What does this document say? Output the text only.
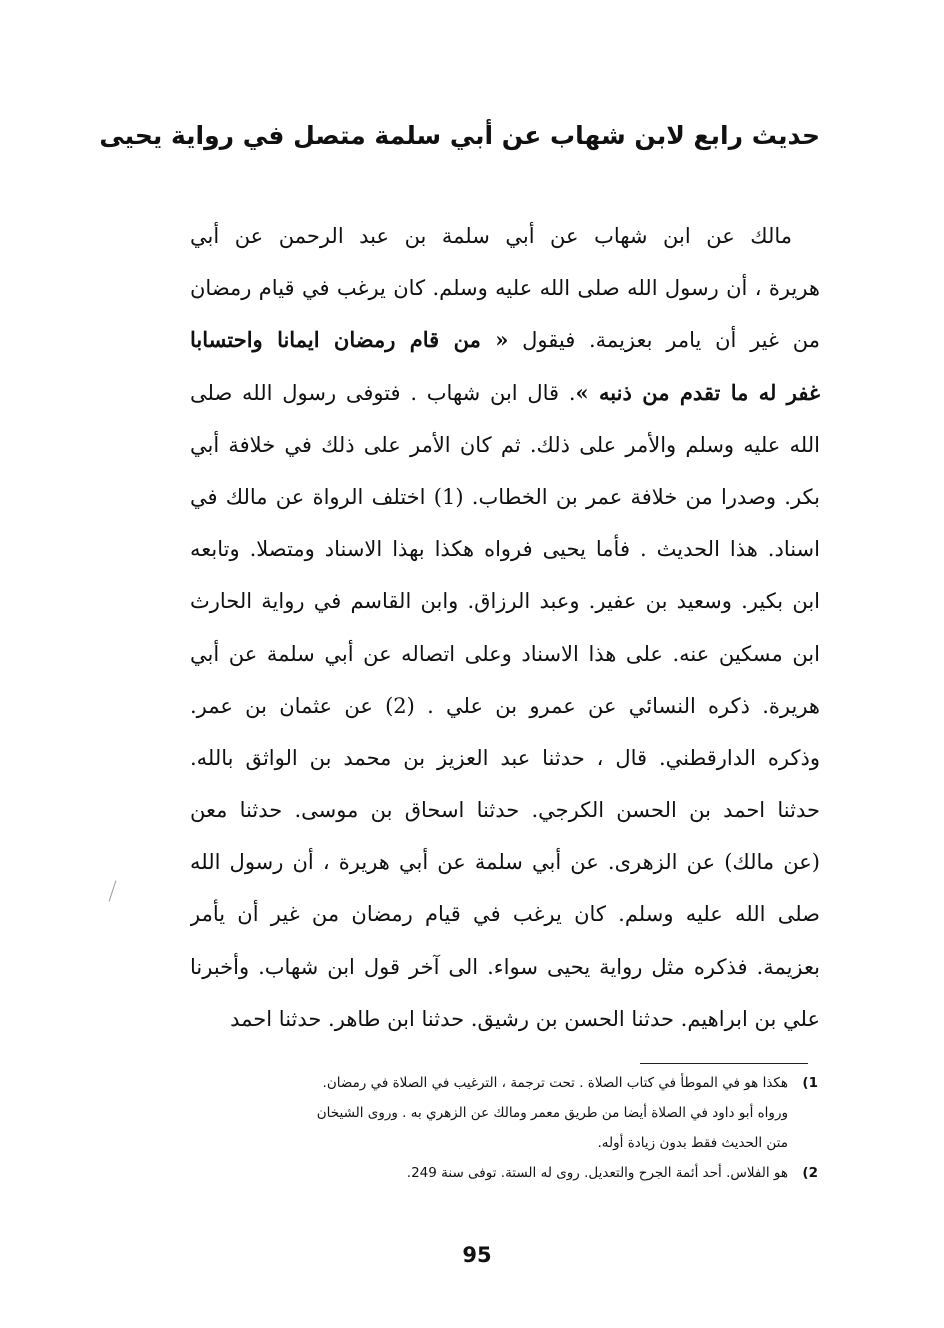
حديث رابع لابن شهاب عن أبي سلمة متصل في رواية يحيى
مالك عن ابن شهاب عن أبي سلمة بن عبد الرحمن عن أبي
هريرة ، أن رسول الله صلى الله عليه وسلم. كان يرغب في قيام رمضان
من غير أن يامر بعزيمة. فيقول « من قام رمضان ايمانا واحتسابا
غفر له ما تقدم من ذنبه ». قال ابن شهاب . فتوفى رسول الله صلى
الله عليه وسلم والأمر على ذلك. ثم كان الأمر على ذلك في خلافة أبي
بكر. وصدرا من خلافة عمر بن الخطاب. (1) اختلف الرواة عن مالك في
اسناد. هذا الحديث . فأما يحيى فرواه هكذا بهذا الاسناد ومتصلا. وتابعه
ابن بكير. وسعيد بن عفير. وعبد الرزاق. وابن القاسم في رواية الحارث
ابن مسكين عنه. على هذا الاسناد وعلى اتصاله عن أبي سلمة عن أبي
هريرة. ذكره النسائي عن عمرو بن علي . (2) عن عثمان بن عمر.
وذكره الدارقطني. قال ، حدثنا عبد العزيز بن محمد بن الواثق بالله.
حدثنا احمد بن الحسن الكرجي. حدثنا اسحاق بن موسى. حدثنا معن
(عن مالك) عن الزهرى. عن أبي سلمة عن أبي هريرة ، أن رسول الله
صلى الله عليه وسلم. كان يرغب في قيام رمضان من غير أن يأمر
بعزيمة. فذكره مثل رواية يحيى سواء. الى آخر قول ابن شهاب. وأخبرنا
علي بن ابراهيم. حدثنا الحسن بن رشيق. حدثنا ابن طاهر. حدثنا احمد
1)هكذا هو في الموطأ في كتاب الصلاة . تحت ترجمة ، الترغيب في الصلاة في رمضان.
ورواه أبو داود في الصلاة أيضا من طريق معمر ومالك عن الزهري به . وروى الشيخان
متن الحديث فقط بدون زيادة أوله.
2)هو الفلاس. أحد أئمة الجرح والتعديل. روى له الستة. توفى سنة 249.
95
